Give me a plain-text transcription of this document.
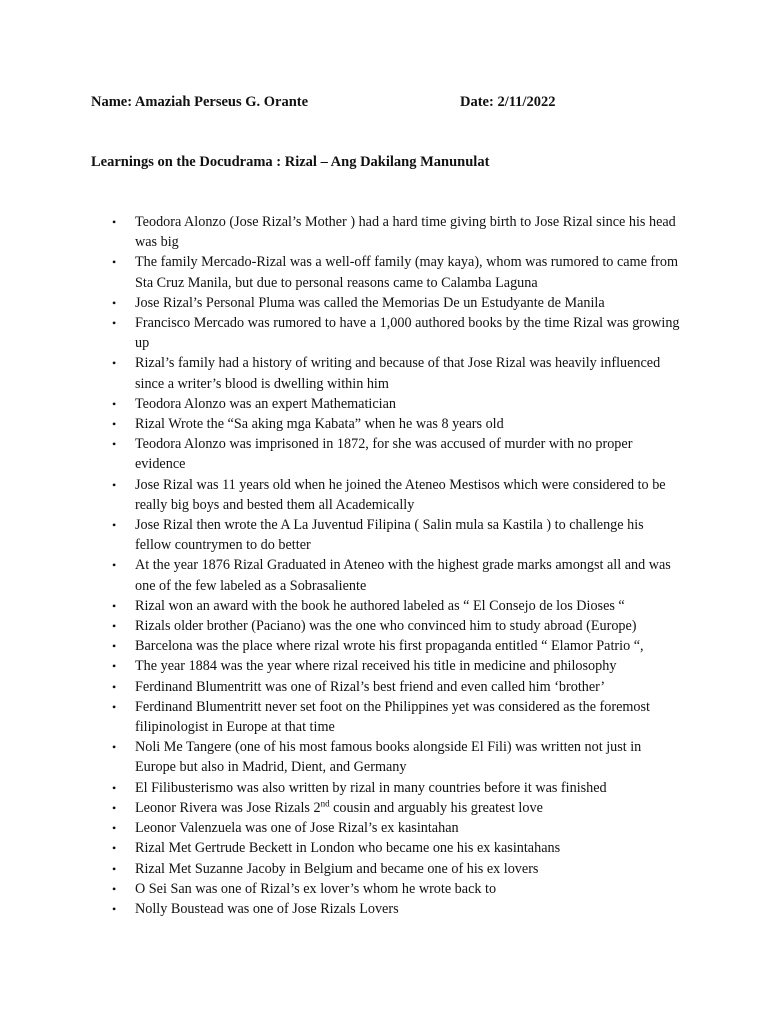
Name: Amaziah Perseus G. Orante	Date: 2/11/2022
Learnings on the Docudrama : Rizal – Ang Dakilang Manunulat
• Teodora Alonzo (Jose Rizal’s Mother ) had a hard time giving birth to Jose Rizal since his head was big
• The family Mercado-Rizal was a well-off family (may kaya), whom was rumored to came from Sta Cruz Manila, but due to personal reasons came to Calamba Laguna
• Jose Rizal’s Personal Pluma was called the Memorias De un Estudyante de Manila
• Francisco Mercado was rumored to have a 1,000 authored books by the time Rizal was growing up
• Rizal’s family had a history of writing and because of that Jose Rizal was heavily influenced since a writer’s blood is dwelling within him
• Teodora Alonzo was an expert Mathematician
• Rizal Wrote the “Sa aking mga Kabata” when he was 8 years old
• Teodora Alonzo was imprisoned in 1872, for she was accused of murder with no proper evidence
• Jose Rizal was 11 years old when he joined the Ateneo Mestisos which were considered to be really big boys and bested them all Academically
• Jose Rizal then wrote the A La Juventud Filipina ( Salin mula sa Kastila ) to challenge his fellow countrymen to do better
• At the year 1876 Rizal Graduated in Ateneo with the highest grade marks amongst all and was one of the few labeled as a Sobrasaliente
• Rizal won an award with the book he authored labeled as “ El Consejo de los Dioses “
• Rizals older brother (Paciano) was the one who convinced him to study abroad (Europe)
• Barcelona was the place where rizal wrote his first propaganda entitled “ Elamor Patrio “,
• The year 1884 was the year where rizal received his title in medicine and philosophy
• Ferdinand Blumentritt was one of Rizal’s best friend and even called him ‘brother’
• Ferdinand Blumentritt never set foot on the Philippines yet was considered as the foremost filipinologist in Europe at that time
• Noli Me Tangere (one of his most famous books alongside El Fili) was written not just in Europe but also in Madrid, Dient, and Germany
• El Filibusterismo was also written by rizal in many countries before it was finished
• Leonor Rivera was Jose Rizals 2nd cousin and arguably his greatest love
• Leonor Valenzuela was one of Jose Rizal’s ex kasintahan
• Rizal Met Gertrude Beckett in London who became one his ex kasintahans
• Rizal Met Suzanne Jacoby in Belgium and became one of his ex lovers
• O Sei San was one of Rizal’s ex lover’s whom he wrote back to
• Nolly Boustead was one of Jose Rizals Lovers
